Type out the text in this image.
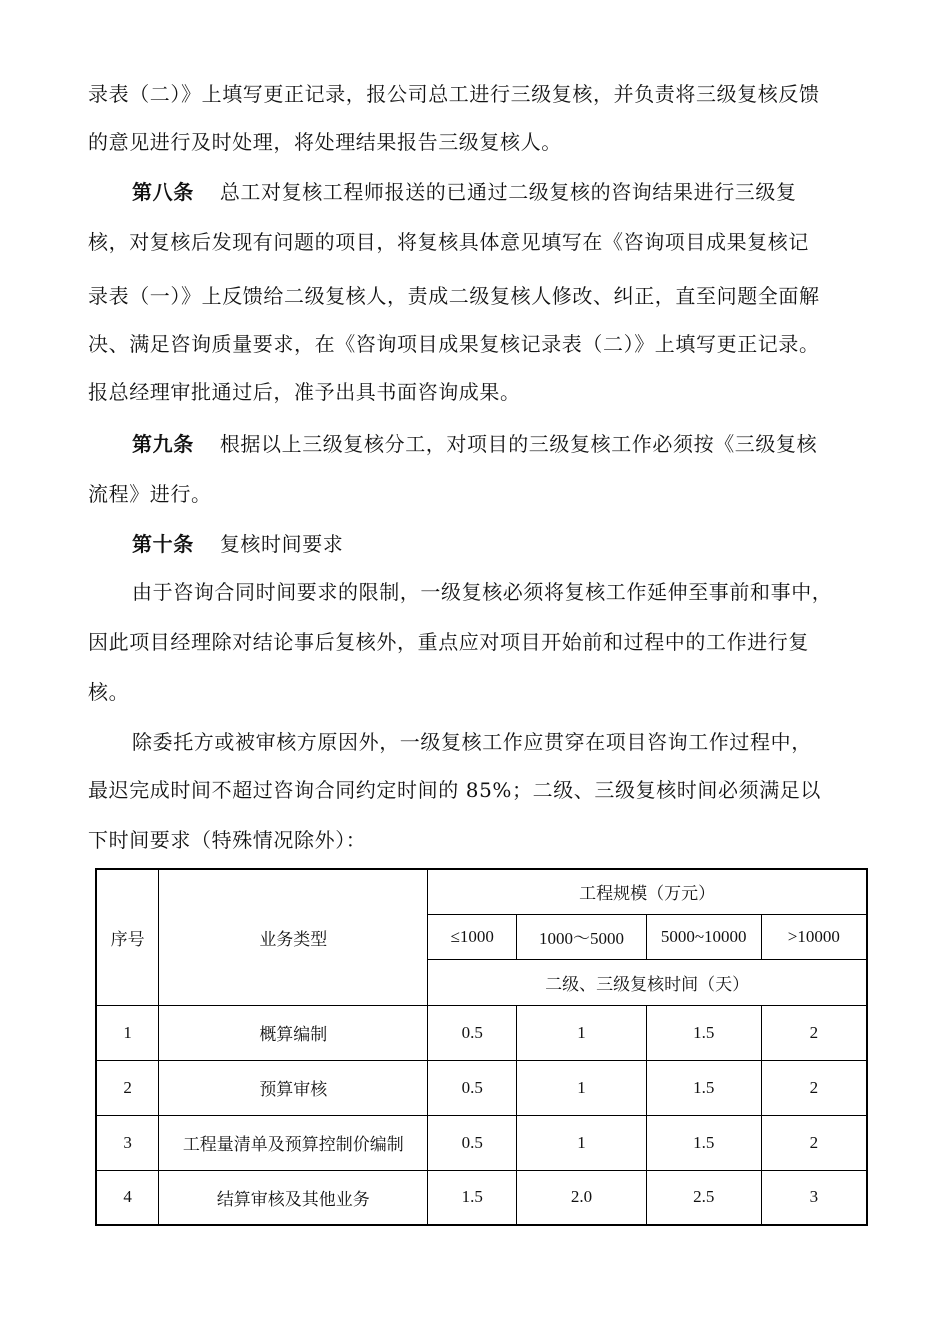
录表（二）》上填写更正记录，报公司总工进行三级复核，并负责将三级复核反馈
的意见进行及时处理，将处理结果报告三级复核人。
第八条 总工对复核工程师报送的已通过二级复核的咨询结果进行三级复
核，对复核后发现有问题的项目，将复核具体意见填写在《咨询项目成果复核记
录表（一）》上反馈给二级复核人，责成二级复核人修改、纠正，直至问题全面解
决、满足咨询质量要求，在《咨询项目成果复核记录表（二）》上填写更正记录。
报总经理审批通过后，准予出具书面咨询成果。
第九条 根据以上三级复核分工，对项目的三级复核工作必须按《三级复核
流程》进行。
第十条 复核时间要求
由于咨询合同时间要求的限制，一级复核必须将复核工作延伸至事前和事中，
因此项目经理除对结论事后复核外，重点应对项目开始前和过程中的工作进行复
核。
除委托方或被审核方原因外，一级复核工作应贯穿在项目咨询工作过程中，
最迟完成时间不超过咨询合同约定时间的 85%；二级、三级复核时间必须满足以
下时间要求（特殊情况除外）：
序号	业务类型	工程规模（万元）			
		≤1000	1000～5000	5000~10000	>10000
		二级、三级复核时间（天）			
1	概算编制	0.5	1	1.5	2
2	预算审核	0.5	1	1.5	2
3	工程量清单及预算控制价编制	0.5	1	1.5	2
4	结算审核及其他业务	1.5	2.0	2.5	3
